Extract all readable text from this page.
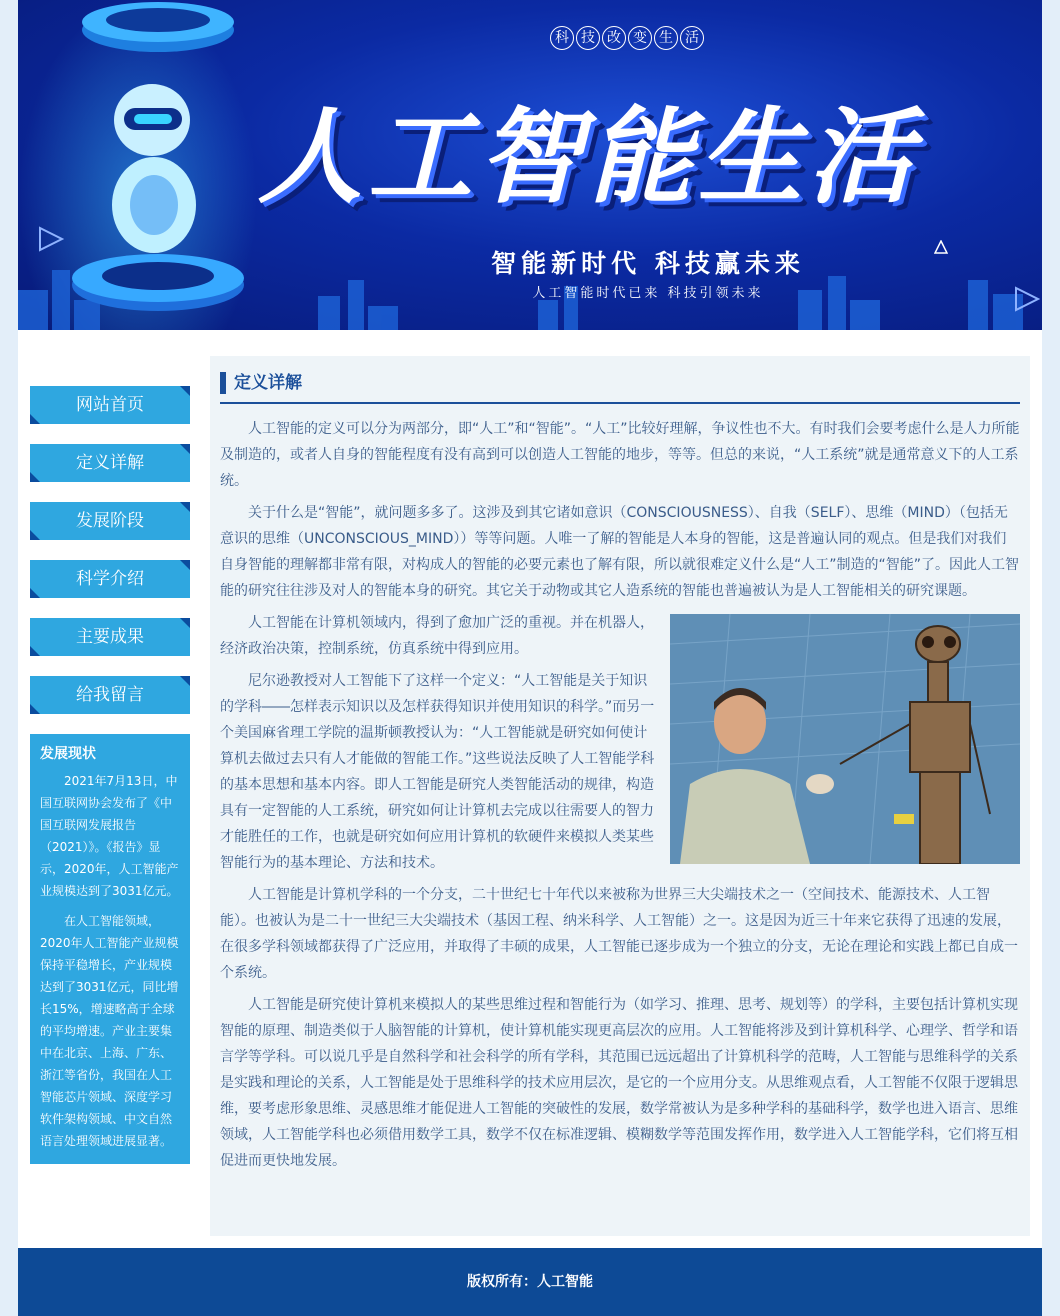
科 技 改 变 生 活
人工智能生活
智能新时代 科技赢未来
人工智能时代已来 科技引领未来
网站首页
定义详解
发展阶段
科学介绍
主要成果
给我留言
发展现状

2021年7月13日，中国互联网协会发布了《中国互联网发展报告（2021）》。《报告》显示，2020年，人工智能产业规模达到了3031亿元。

在人工智能领域，2020年人工智能产业规模保持平稳增长，产业规模达到了3031亿元，同比增长15%，增速略高于全球的平均增速。产业主要集中在北京、上海、广东、浙江等省份，我国在人工智能芯片领域、深度学习软件架构领域、中文自然语言处理领域进展显著。

定义详解

人工智能的定义可以分为两部分，即“人工”和“智能”。“人工”比较好理解，争议性也不大。有时我们会要考虑什么是人力所能及制造的，或者人自身的智能程度有没有高到可以创造人工智能的地步，等等。但总的来说，“人工系统”就是通常意义下的人工系统。

关于什么是“智能”，就问题多多了。这涉及到其它诸如意识（CONSCIOUSNESS）、自我（SELF）、思维（MIND）（包括无意识的思维（UNCONSCIOUS_MIND））等等问题。人唯一了解的智能是人本身的智能，这是普遍认同的观点。但是我们对我们自身智能的理解都非常有限，对构成人的智能的必要元素也了解有限，所以就很难定义什么是“人工”制造的“智能”了。因此人工智能的研究往往涉及对人的智能本身的研究。其它关于动物或其它人造系统的智能也普遍被认为是人工智能相关的研究课题。

人工智能在计算机领域内，得到了愈加广泛的重视。并在机器人，经济政治决策，控制系统，仿真系统中得到应用。

尼尔逊教授对人工智能下了这样一个定义：“人工智能是关于知识的学科――怎样表示知识以及怎样获得知识并使用知识的科学。”而另一个美国麻省理工学院的温斯顿教授认为：“人工智能就是研究如何使计算机去做过去只有人才能做的智能工作。”这些说法反映了人工智能学科的基本思想和基本内容。即人工智能是研究人类智能活动的规律，构造具有一定智能的人工系统，研究如何让计算机去完成以往需要人的智力才能胜任的工作，也就是研究如何应用计算机的软硬件来模拟人类某些智能行为的基本理论、方法和技术。

人工智能是计算机学科的一个分支，二十世纪七十年代以来被称为世界三大尖端技术之一（空间技术、能源技术、人工智能）。也被认为是二十一世纪三大尖端技术（基因工程、纳米科学、人工智能）之一。这是因为近三十年来它获得了迅速的发展，在很多学科领域都获得了广泛应用，并取得了丰硕的成果，人工智能已逐步成为一个独立的分支，无论在理论和实践上都已自成一个系统。

人工智能是研究使计算机来模拟人的某些思维过程和智能行为（如学习、推理、思考、规划等）的学科，主要包括计算机实现智能的原理、制造类似于人脑智能的计算机，使计算机能实现更高层次的应用。人工智能将涉及到计算机科学、心理学、哲学和语言学等学科。可以说几乎是自然科学和社会科学的所有学科，其范围已远远超出了计算机科学的范畴，人工智能与思维科学的关系是实践和理论的关系，人工智能是处于思维科学的技术应用层次，是它的一个应用分支。从思维观点看，人工智能不仅限于逻辑思维，要考虑形象思维、灵感思维才能促进人工智能的突破性的发展，数学常被认为是多种学科的基础科学，数学也进入语言、思维领域，人工智能学科也必须借用数学工具，数学不仅在标准逻辑、模糊数学等范围发挥作用，数学进入人工智能学科，它们将互相促进而更快地发展。

版权所有：人工智能
